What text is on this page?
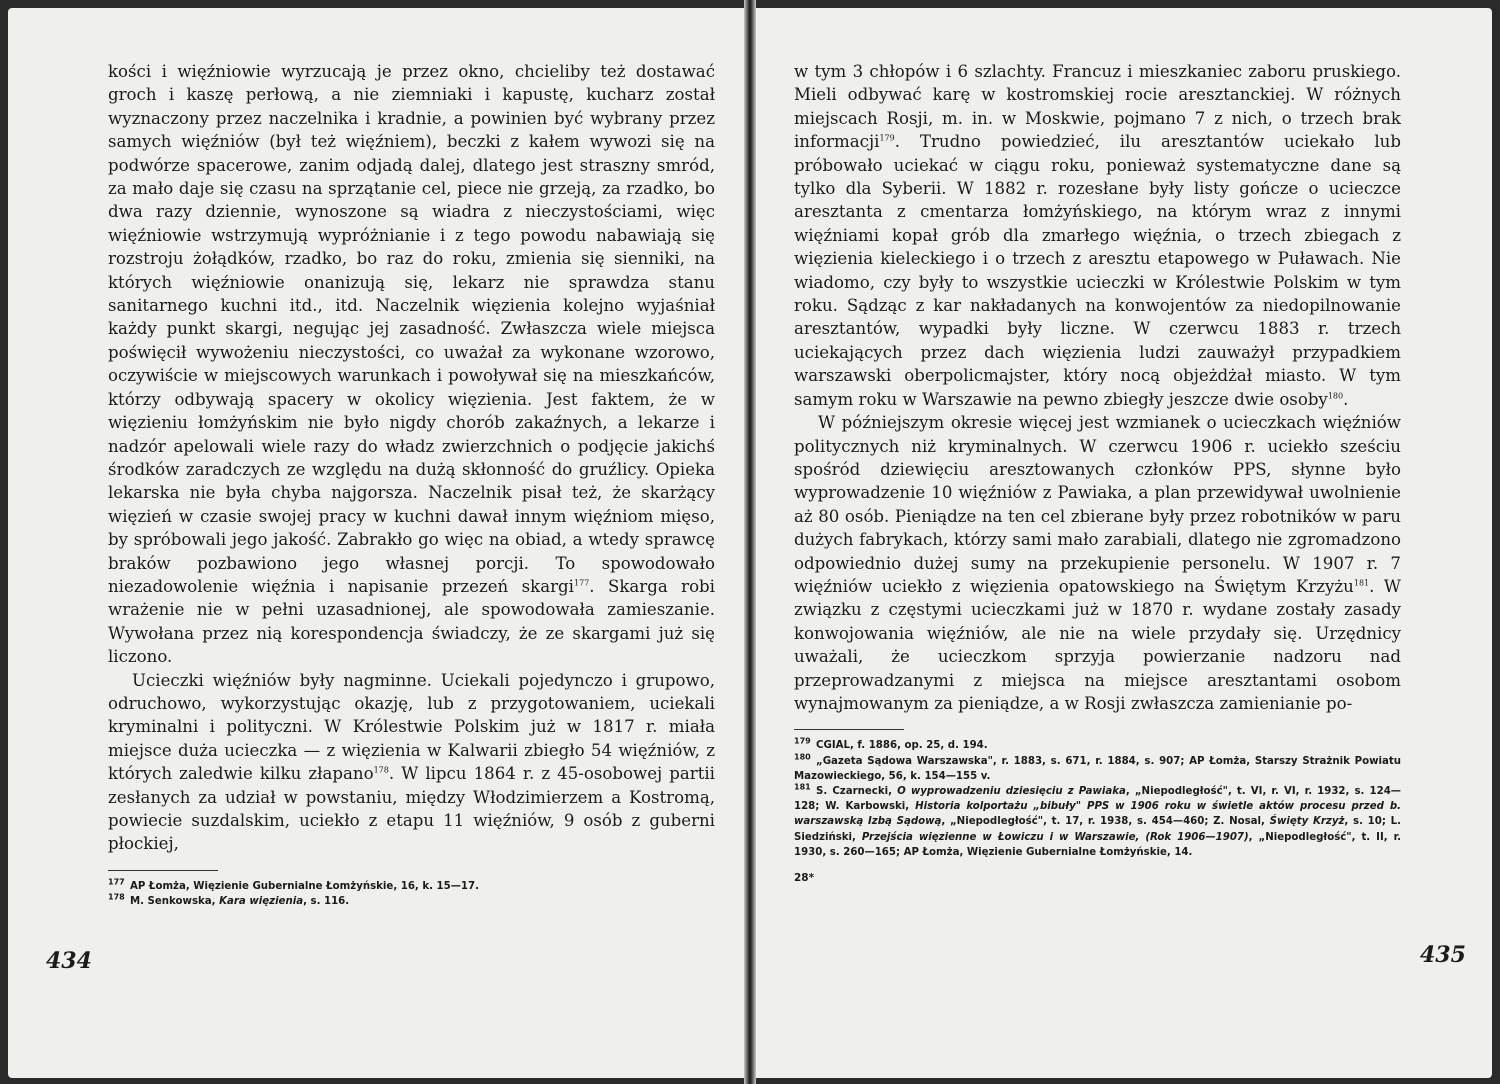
kości i więźniowie wyrzucają je przez okno, chcieliby też dostawać groch i kaszę perłową, a nie ziemniaki i kapustę, kucharz został wyznaczony przez naczelnika i kradnie, a powinien być wybrany przez samych więźniów (był też więźniem), beczki z kałem wywozi się na podwórze spacerowe, zanim odjadą dalej, dlatego jest straszny smród, za mało daje się czasu na sprzątanie cel, piece nie grzeją, za rzadko, bo dwa razy dziennie, wynoszone są wiadra z nieczystościami, więc więźniowie wstrzymują wypróżnianie i z tego powodu nabawiają się rozstroju żołądków, rzadko, bo raz do roku, zmienia się sienniki, na których więźniowie onanizują się, lekarz nie sprawdza stanu sanitarnego kuchni itd., itd. Naczelnik więzienia kolejno wyjaśniał każdy punkt skargi, negując jej zasadność. Zwłaszcza wiele miejsca poświęcił wywożeniu nieczystości, co uważał za wykonane wzorowo, oczywiście w miejscowych warunkach i powoływał się na mieszkańców, którzy odbywają spacery w okolicy więzienia. Jest faktem, że w więzieniu łomżyńskim nie było nigdy chorób zakaźnych, a lekarze i nadzór apelowali wiele razy do władz zwierzchnich o podjęcie jakichś środków zaradczych ze względu na dużą skłonność do gruźlicy. Opieka lekarska nie była chyba najgorsza. Naczelnik pisał też, że skarżący więzień w czasie swojej pracy w kuchni dawał innym więźniom mięso, by spróbowali jego jakość. Zabrakło go więc na obiad, a wtedy sprawcę braków pozbawiono jego własnej porcji. To spowodowało niezadowolenie więźnia i napisanie przezeń skargi$^{177}$. Skarga robi wrażenie nie w pełni uzasadnionej, ale spowodowała zamieszanie. Wywołana przez nią korespondencja świadczy, że ze skargami już się liczono.

Ucieczki więźniów były nagminne. Uciekali pojedynczo i grupowo, odruchowo, wykorzystując okazję, lub z przygotowaniem, uciekali kryminalni i polityczni. W Królestwie Polskim już w 1817 r. miała miejsce duża ucieczka — z więzienia w Kalwarii zbiegło 54 więźniów, z których zaledwie kilku złapano$^{178}$. W lipcu 1864 r. z 45-osobowej partii zesłanych za udział w powstaniu, między Włodzimierzem a Kostromą, powiecie suzdalskim, uciekło z etapu 11 więźniów, 9 osób z guberni płockiej,

$^{177}$ AP Łomża, Więzienie Gubernialne Łomżyńskie, 16, k. 15—17.

$^{178}$ M. Senkowska, Kara więzienia, s. 116.

434

w tym 3 chłopów i 6 szlachty. Francuz i mieszkaniec zaboru pruskiego. Mieli odbywać karę w kostromskiej rocie aresztanckiej. W różnych miejscach Rosji, m. in. w Moskwie, pojmano 7 z nich, o trzech brak informacji$^{179}$. Trudno powiedzieć, ilu aresztantów uciekało lub próbowało uciekać w ciągu roku, ponieważ systematyczne dane są tylko dla Syberii. W 1882 r. rozesłane były listy gończe o ucieczce aresztanta z cmentarza łomżyńskiego, na którym wraz z innymi więźniami kopał grób dla zmarłego więźnia, o trzech zbiegach z więzienia kieleckiego i o trzech z aresztu etapowego w Puławach. Nie wiadomo, czy były to wszystkie ucieczki w Królestwie Polskim w tym roku. Sądząc z kar nakładanych na konwojentów za niedopilnowanie aresztantów, wypadki były liczne. W czerwcu 1883 r. trzech uciekających przez dach więzienia ludzi zauważył przypadkiem warszawski oberpolicmajster, który nocą objeżdżał miasto. W tym samym roku w Warszawie na pewno zbiegły jeszcze dwie osoby$^{180}$.

W późniejszym okresie więcej jest wzmianek o ucieczkach więźniów politycznych niż kryminalnych. W czerwcu 1906 r. uciekło sześciu spośród dziewięciu aresztowanych członków PPS, słynne było wyprowadzenie 10 więźniów z Pawiaka, a plan przewidywał uwolnienie aż 80 osób. Pieniądze na ten cel zbierane były przez robotników w paru dużych fabrykach, którzy sami mało zarabiali, dlatego nie zgromadzono odpowiednio dużej sumy na przekupienie personelu. W 1907 r. 7 więźniów uciekło z więzienia opatowskiego na Świętym Krzyżu$^{181}$. W związku z częstymi ucieczkami już w 1870 r. wydane zostały zasady konwojowania więźniów, ale nie na wiele przydały się. Urzędnicy uważali, że ucieczkom sprzyja powierzanie nadzoru nad przeprowadzanymi z miejsca na miejsce aresztantami osobom wynajmowanym za pieniądze, a w Rosji zwłaszcza zamienianie po-

$^{179}$ CGIAL, f. 1886, op. 25, d. 194.

$^{180}$ „Gazeta Sądowa Warszawska", r. 1883, s. 671, r. 1884, s. 907; AP Łomża, Starszy Strażnik Powiatu Mazowieckiego, 56, k. 154—155 v.

$^{181}$ S. Czarnecki, O wyprowadzeniu dziesięciu z Pawiaka, „Niepodległość", t. VI, r. VI, r. 1932, s. 124—128; W. Karbowski, Historia kolportażu „bibuły" PPS w 1906 roku w świetle aktów procesu przed b. warszawską Izbą Sądową, „Niepodległość", t. 17, r. 1938, s. 454—460; Z. Nosal, Święty Krzyż, s. 10; L. Siedziński, Przejścia więzienne w Łowiczu i w Warszawie, (Rok 1906—1907), „Niepodległość", t. II, r. 1930, s. 260—165; AP Łomża, Więzienie Gubernialne Łomżyńskie, 14.

28*
435
